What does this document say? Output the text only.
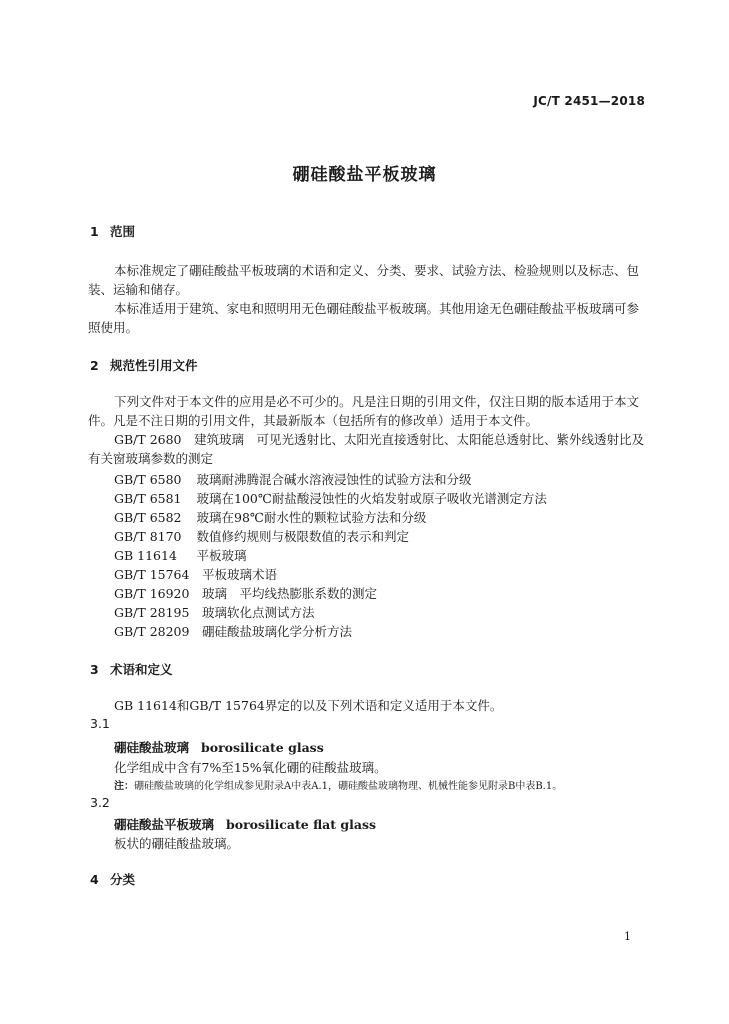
JC/T 2451—2018
硼硅酸盐平板玻璃
1 范围
本标准规定了硼硅酸盐平板玻璃的术语和定义、分类、要求、试验方法、检验规则以及标志、包装、运输和储存。
本标准适用于建筑、家电和照明用无色硼硅酸盐平板玻璃。其他用途无色硼硅酸盐平板玻璃可参照使用。
2 规范性引用文件
下列文件对于本文件的应用是必不可少的。凡是注日期的引用文件，仅注日期的版本适用于本文件。凡是不注日期的引用文件，其最新版本（包括所有的修改单）适用于本文件。
GB/T 2680　建筑玻璃　可见光透射比、太阳光直接透射比、太阳能总透射比、紫外线透射比及有关窗玻璃参数的测定
GB/T 6580　 玻璃耐沸腾混合碱水溶液浸蚀性的试验方法和分级
GB/T 6581　 玻璃在100℃耐盐酸浸蚀性的火焰发射或原子吸收光谱测定方法
GB/T 6582　 玻璃在98℃耐水性的颗粒试验方法和分级
GB/T 8170　 数值修约规则与极限数值的表示和判定
GB 11614　 平板玻璃
GB/T 15764　 平板玻璃术语
GB/T 16920　 玻璃　平均线热膨胀系数的测定
GB/T 28195　 玻璃软化点测试方法
GB/T 28209　 硼硅酸盐玻璃化学分析方法
3 术语和定义
GB 11614和GB/T 15764界定的以及下列术语和定义适用于本文件。
3.1
硼硅酸盐玻璃 borosilicate glass
化学组成中含有7%至15%氧化硼的硅酸盐玻璃。
注：硼硅酸盐玻璃的化学组成参见附录A中表A.1，硼硅酸盐玻璃物理、机械性能参见附录B中表B.1。
3.2
硼硅酸盐平板玻璃 borosilicate flat glass
板状的硼硅酸盐玻璃。
4 分类
1
